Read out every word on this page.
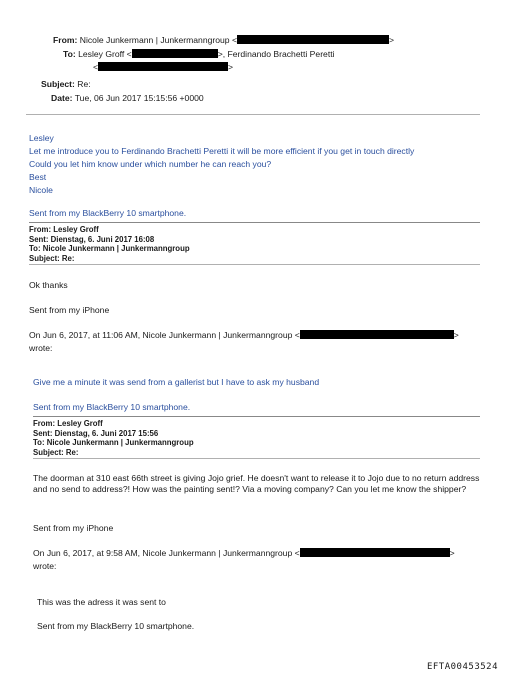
From: Nicole Junkermann | Junkermanngroup <	>
To: Lesley Groff <	>, Ferdinando Brachetti Peretti
<	>
Subject: Re:
Date: Tue, 06 Jun 2017 15:15:56 +0000
Lesley
Let me introduce you to Ferdinando Brachetti Peretti it will be more efficient if you get in touch directly
Could you let him know under which number he can reach you?
Best
Nicole
Sent from my BlackBerry 10 smartphone.
From: Lesley Groff
Sent: Dienstag, 6. Juni 2017 16:08
To: Nicole Junkermann | Junkermanngroup
Subject: Re:
Ok thanks
Sent from my iPhone
On Jun 6, 2017, at 11:06 AM, Nicole Junkermann | Junkermanngroup <	>
wrote:
Give me a minute it was send from a gallerist but I have to ask my husband
Sent from my BlackBerry 10 smartphone.
From: Lesley Groff
Sent: Dienstag, 6. Juni 2017 15:56
To: Nicole Junkermann | Junkermanngroup
Subject: Re:
The doorman at 310 east 66th street is giving Jojo grief. He doesn't want to release it to Jojo due to no return address and no send to address?! How was the painting sent!? Via a moving company? Can you let me know the shipper?
Sent from my iPhone
On Jun 6, 2017, at 9:58 AM, Nicole Junkermann | Junkermanngroup <	>
wrote:
This was the adress it was sent to
Sent from my BlackBerry 10 smartphone.
EFTA00453524
